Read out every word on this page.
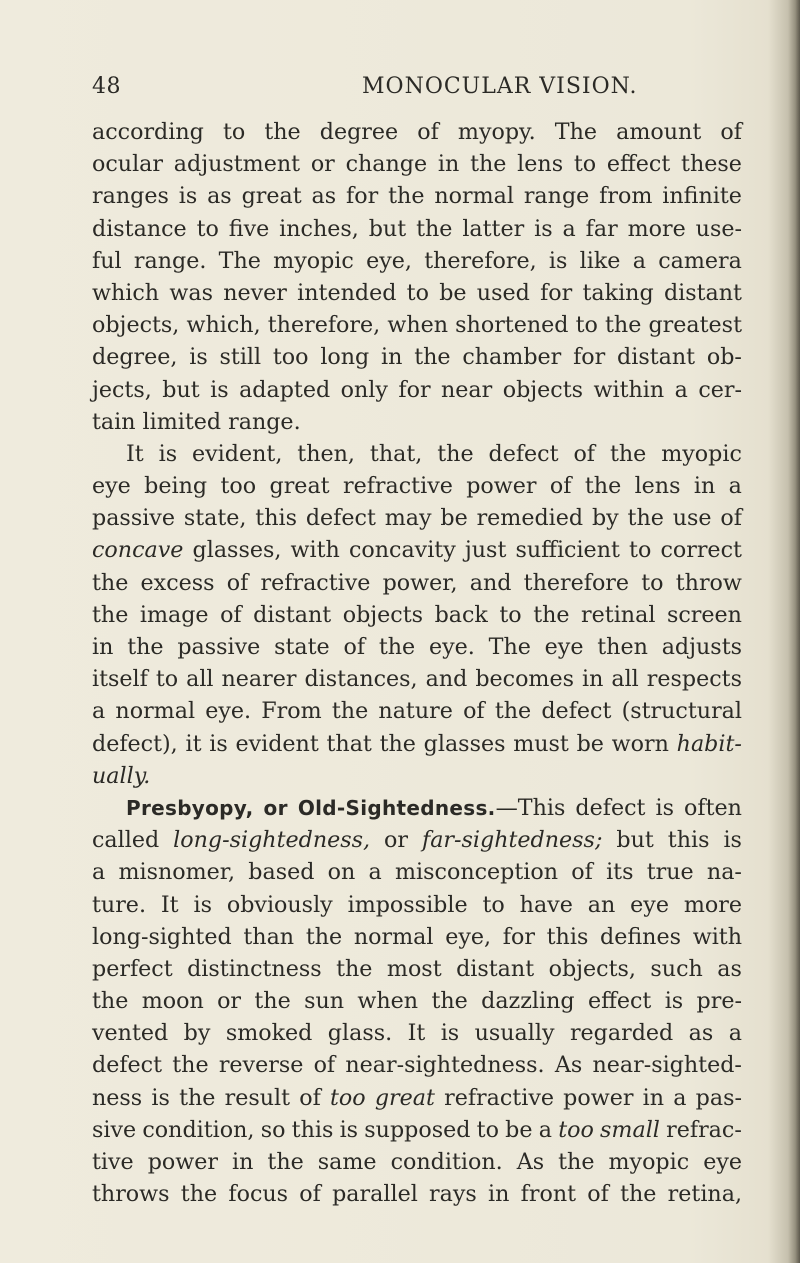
48	MONOCULAR VISION.
according to the degree of myopy. The amount of
ocular adjustment or change in the lens to effect these
ranges is as great as for the normal range from infinite
distance to five inches, but the latter is a far more use-
ful range. The myopic eye, therefore, is like a camera
which was never intended to be used for taking distant
objects, which, therefore, when shortened to the greatest
degree, is still too long in the chamber for distant ob-
jects, but is adapted only for near objects within a cer-
tain limited range.
It is evident, then, that, the defect of the myopic
eye being too great refractive power of the lens in a
passive state, this defect may be remedied by the use of
concave glasses, with concavity just sufficient to correct
the excess of refractive power, and therefore to throw
the image of distant objects back to the retinal screen
in the passive state of the eye. The eye then adjusts
itself to all nearer distances, and becomes in all respects
a normal eye. From the nature of the defect (structural
defect), it is evident that the glasses must be worn habit-
ually.
Presbyopy, or Old-Sightedness.—This defect is often
called long-sightedness, or far-sightedness; but this is
a misnomer, based on a misconception of its true na-
ture. It is obviously impossible to have an eye more
long-sighted than the normal eye, for this defines with
perfect distinctness the most distant objects, such as
the moon or the sun when the dazzling effect is pre-
vented by smoked glass. It is usually regarded as a
defect the reverse of near-sightedness. As near-sighted-
ness is the result of too great refractive power in a pas-
sive condition, so this is supposed to be a too small refrac-
tive power in the same condition. As the myopic eye
throws the focus of parallel rays in front of the retina,
